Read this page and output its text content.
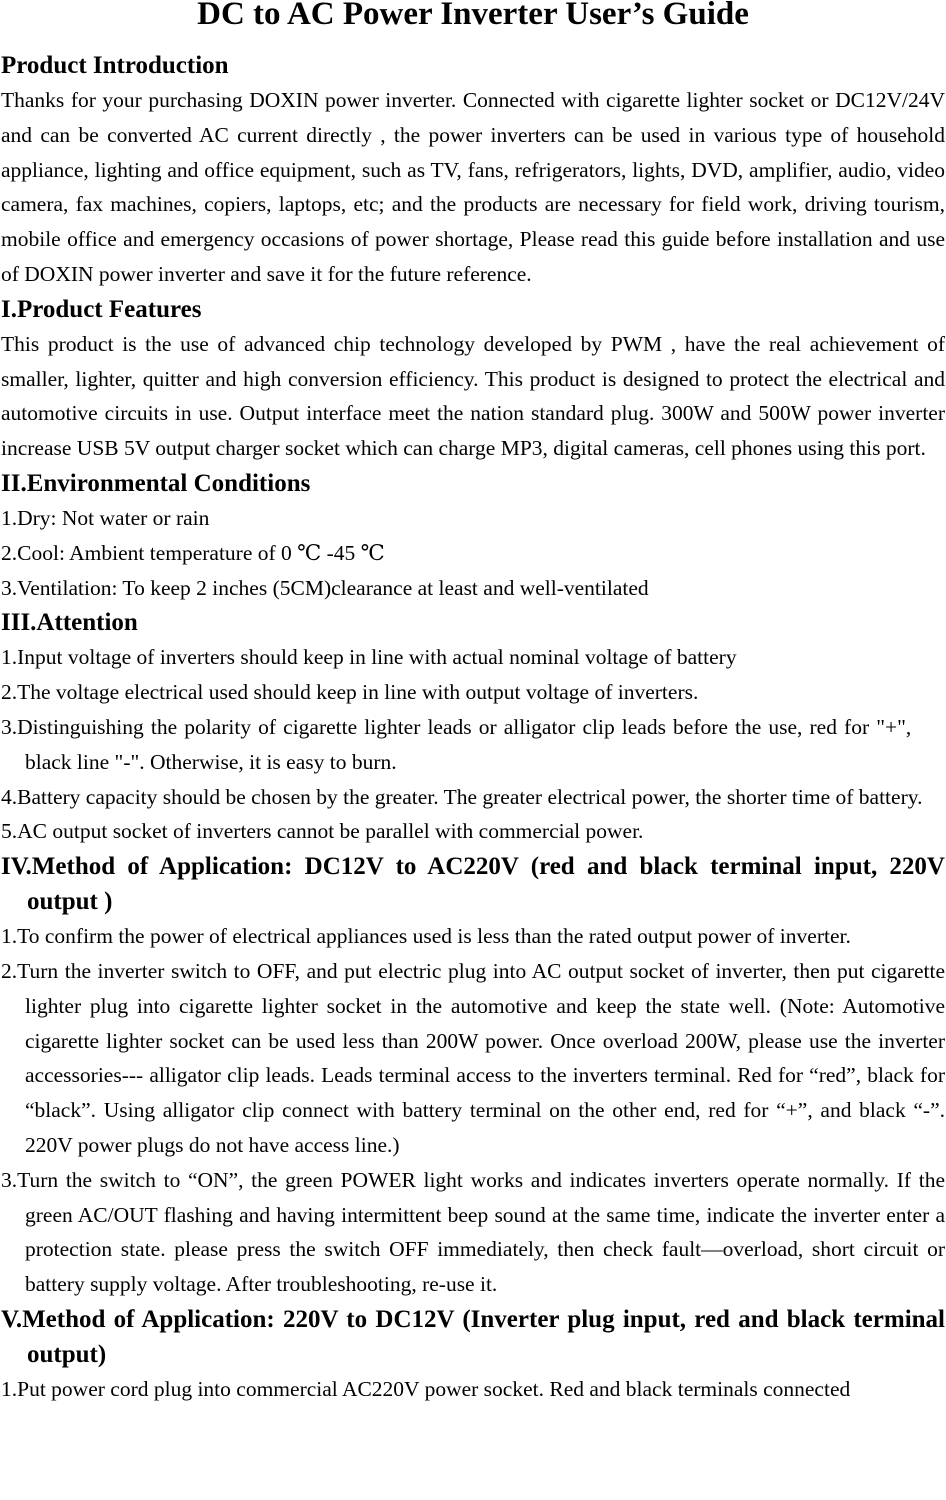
DC to AC Power Inverter User’s Guide
Product Introduction

Thanks for your purchasing DOXIN power inverter. Connected with cigarette lighter socket or DC12V/24V and can be converted AC current directly , the power inverters can be used in various type of household appliance, lighting and office equipment, such as TV, fans, refrigerators, lights, DVD, amplifier, audio, video camera, fax machines, copiers, laptops, etc; and the products are necessary for field work, driving tourism, mobile office and emergency occasions of power shortage, Please read this guide before installation and use of DOXIN power inverter and save it for the future reference.

I.Product Features

This product is the use of advanced chip technology developed by PWM , have the real achievement of smaller, lighter, quitter and high conversion efficiency. This product is designed to protect the electrical and automotive circuits in use. Output interface meet the nation standard plug. 300W and 500W power inverter increase USB 5V output charger socket which can charge MP3, digital cameras, cell phones using this port.

II.Environmental Conditions

1.Dry: Not water or rain

2.Cool: Ambient temperature of 0 ℃ -45 ℃

3.Ventilation: To keep 2 inches (5CM)clearance at least and well-ventilated

III.Attention

1.Input voltage of inverters should keep in line with actual nominal voltage of battery

2.The voltage electrical used should keep in line with output voltage of inverters.

3.Distinguishing the polarity of cigarette lighter leads or alligator clip leads before the use, red for "+",      black line "-". Otherwise, it is easy to burn.

4.Battery capacity should be chosen by the greater. The greater electrical power, the shorter time of battery.

5.AC output socket of inverters cannot be parallel with commercial power.

IV.Method of Application: DC12V to AC220V (red and black terminal input, 220V output )

1.To confirm the power of electrical appliances used is less than the rated output power of inverter.

2.Turn the inverter switch to OFF, and put electric plug into AC output socket of inverter, then put cigarette lighter plug into cigarette lighter socket in the automotive and keep the state well. (Note: Automotive cigarette lighter socket can be used less than 200W power. Once overload 200W, please use the inverter accessories--- alligator clip leads. Leads terminal access to the inverters terminal. Red for “red”, black for “black”. Using alligator clip connect with battery terminal on the other end, red for “+”, and black “-”. 220V power plugs do not have access line.)

3.Turn the switch to “ON”, the green POWER light works and indicates inverters operate normally. If the green AC/OUT flashing and having intermittent beep sound at the same time, indicate the inverter enter a protection state. please press the switch OFF immediately, then check fault—overload, short circuit or battery supply voltage. After troubleshooting, re-use it.

V.Method of Application: 220V to DC12V (Inverter plug input, red and black terminal output)

1.Put power cord plug into commercial AC220V power socket. Red and black terminals connected
